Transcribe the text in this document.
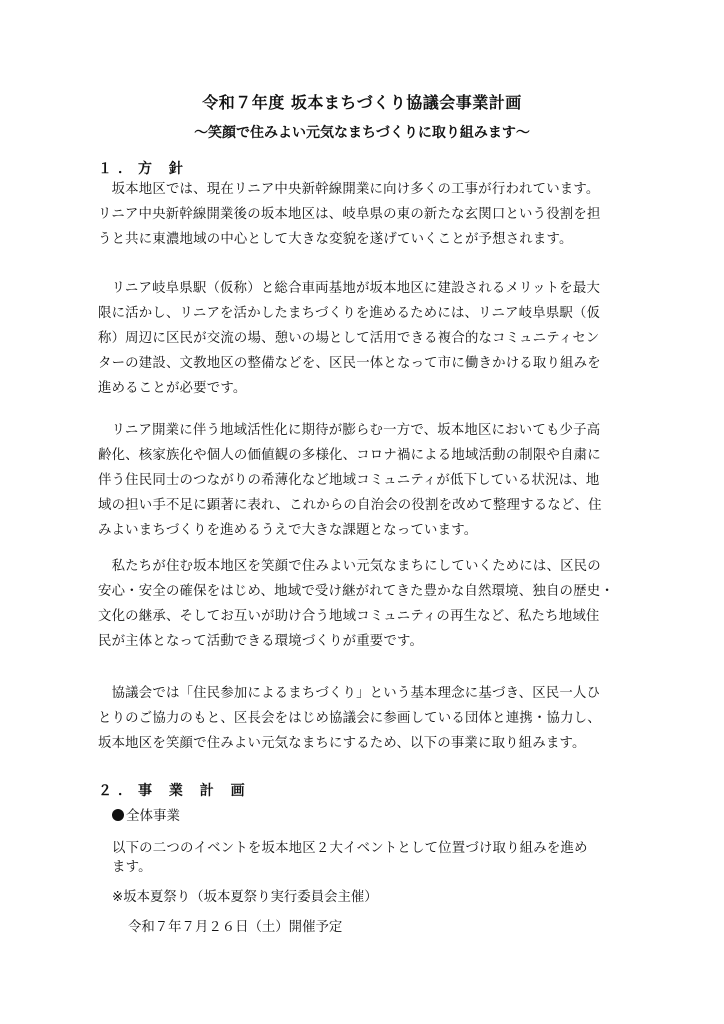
令和７年度 坂本まちづくり協議会事業計画
～笑顔で住みよい元気なまちづくりに取り組みます～
１．方 針
　坂本地区では、現在リニア中央新幹線開業に向け多くの工事が行われています。
リニア中央新幹線開業後の坂本地区は、岐阜県の東の新たな玄関口という役割を担
うと共に東濃地域の中心として大きな変貌を遂げていくことが予想されます。
　リニア岐阜県駅（仮称）と総合車両基地が坂本地区に建設されるメリットを最大
限に活かし、リニアを活かしたまちづくりを進めるためには、リニア岐阜県駅（仮
称）周辺に区民が交流の場、憩いの場として活用できる複合的なコミュニティセン
ターの建設、文教地区の整備などを、区民一体となって市に働きかける取り組みを
進めることが必要です。
　リニア開業に伴う地域活性化に期待が膨らむ一方で、坂本地区においても少子高
齢化、核家族化や個人の価値観の多様化、コロナ禍による地域活動の制限や自粛に
伴う住民同士のつながりの希薄化など地域コミュニティが低下している状況は、地
域の担い手不足に顕著に表れ、これからの自治会の役割を改めて整理するなど、住
みよいまちづくりを進めるうえで大きな課題となっています。
　私たちが住む坂本地区を笑顔で住みよい元気なまちにしていくためには、区民の
安心・安全の確保をはじめ、地域で受け継がれてきた豊かな自然環境、独自の歴史・
文化の継承、そしてお互いが助け合う地域コミュニティの再生など、私たち地域住
民が主体となって活動できる環境づくりが重要です。
　協議会では「住民参加によるまちづくり」という基本理念に基づき、区民一人ひ
とりのご協力のもと、区長会をはじめ協議会に参画している団体と連携・協力し、
坂本地区を笑顔で住みよい元気なまちにするため、以下の事業に取り組みます。
２．事 業 計 画
全体事業
以下の二つのイベントを坂本地区２大イベントとして位置づけ取り組みを進め
ます。
※坂本夏祭り（坂本夏祭り実行委員会主催）
令和７年７月２６日（土）開催予定
